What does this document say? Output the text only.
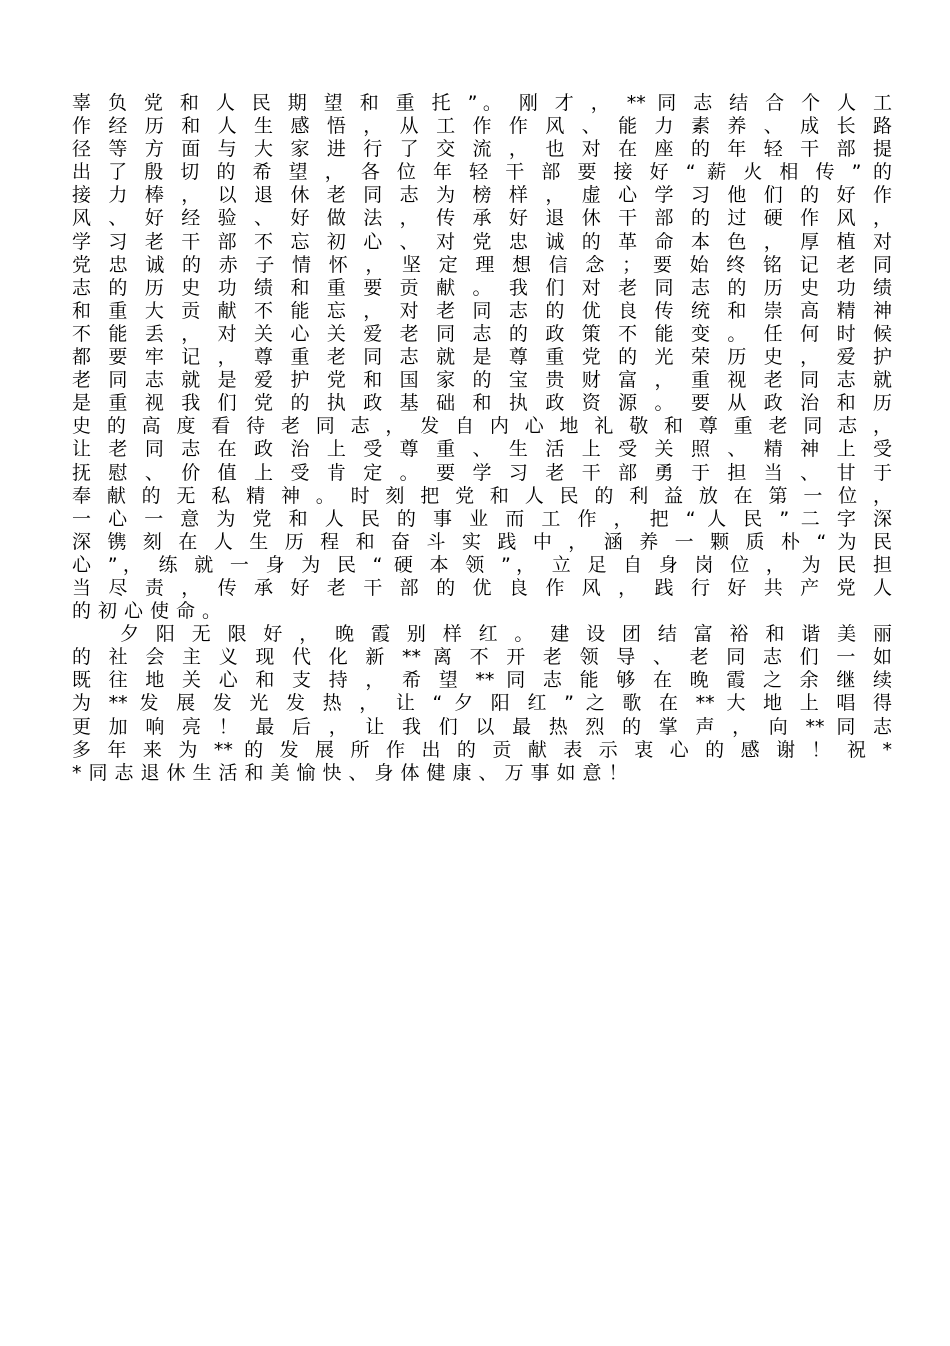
辜 负 党 和 人 民 期 望 和 重 托 ”。 刚 才 ， ** 同 志 结 合 个 人 工
作 经 历 和 人 生 感 悟 ， 从 工 作 作 风 、 能 力 素 养 、 成 长 路
径 等 方 面 与 大 家 进 行 了 交 流 ， 也 对 在 座 的 年 轻 干 部 提
出 了 殷 切 的 希 望 ， 各 位 年 轻 干 部 要 接 好 “ 薪 火 相 传 ” 的
接 力 棒 ， 以 退 休 老 同 志 为 榜 样 ， 虚 心 学 习 他 们 的 好 作
风 、 好 经 验 、 好 做 法 ， 传 承 好 退 休 干 部 的 过 硬 作 风 ，
学 习 老 干 部 不 忘 初 心 、 对 党 忠 诚 的 革 命 本 色 ， 厚 植 对
党 忠 诚 的 赤 子 情 怀 ， 坚 定 理 想 信 念 ； 要 始 终 铭 记 老 同
志 的 历 史 功 绩 和 重 要 贡 献 。 我 们 对 老 同 志 的 历 史 功 绩
和 重 大 贡 献 不 能 忘 ， 对 老 同 志 的 优 良 传 统 和 崇 高 精 神
不 能 丢 ， 对 关 心 关 爱 老 同 志 的 政 策 不 能 变 。 任 何 时 候
都 要 牢 记 ， 尊 重 老 同 志 就 是 尊 重 党 的 光 荣 历 史 ， 爱 护
老 同 志 就 是 爱 护 党 和 国 家 的 宝 贵 财 富 ， 重 视 老 同 志 就
是 重 视 我 们 党 的 执 政 基 础 和 执 政 资 源 。 要 从 政 治 和 历
史 的 高 度 看 待 老 同 志 ， 发 自 内 心 地 礼 敬 和 尊 重 老 同 志 ，
让 老 同 志 在 政 治 上 受 尊 重 、 生 活 上 受 关 照 、 精 神 上 受
抚 慰 、 价 值 上 受 肯 定 。 要 学 习 老 干 部 勇 于 担 当 、 甘 于
奉 献 的 无 私 精 神 。 时 刻 把 党 和 人 民 的 利 益 放 在 第 一 位 ，
一 心 一 意 为 党 和 人 民 的 事 业 而 工 作 ， 把 “ 人 民 ” 二 字 深
深 镌 刻 在 人 生 历 程 和 奋 斗 实 践 中 ， 涵 养 一 颗 质 朴 “ 为 民
心 ”， 练 就 一 身 为 民 “ 硬 本 领 ”， 立 足 自 身 岗 位 ， 为 民 担
当 尽 责 ， 传 承 好 老 干 部 的 优 良 作 风 ， 践 行 好 共 产 党 人
的初心使命。
夕 阳 无 限 好 ， 晚 霞 别 样 红 。 建 设 团 结 富 裕 和 谐 美 丽
的 社 会 主 义 现 代 化 新 ** 离 不 开 老 领 导 、 老 同 志 们 一 如
既 往 地 关 心 和 支 持 ， 希 望 ** 同 志 能 够 在 晚 霞 之 余 继 续
为 ** 发 展 发 光 发 热 ， 让 “ 夕 阳 红 ” 之 歌 在 ** 大 地 上 唱 得
更 加 响 亮 ！ 最 后 ， 让 我 们 以 最 热 烈 的 掌 声 ， 向 ** 同 志
多 年 来 为 ** 的 发 展 所 作 出 的 贡 献 表 示 衷 心 的 感 谢 ！ 祝 *
*同志退休生活和美愉快、身体健康、万事如意！
